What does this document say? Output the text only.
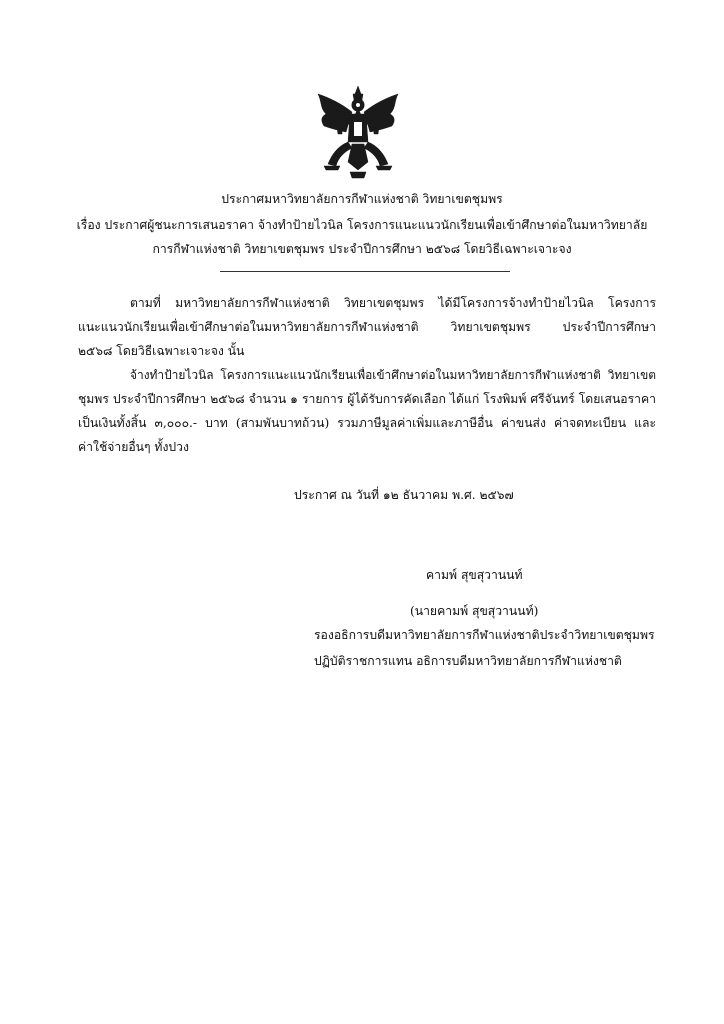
ประกาศมหาวิทยาลัยการกีฬาแห่งชาติ วิทยาเขตชุมพร
เรื่อง ประกาศผู้ชนะการเสนอราคา จ้างทำป้ายไวนิล โครงการแนะแนวนักเรียนเพื่อเข้าศึกษาต่อในมหาวิทยาลัย
การกีฬาแห่งชาติ วิทยาเขตชุมพร ประจำปีการศึกษา ๒๕๖๘ โดยวิธีเฉพาะเจาะจง
ตามที่ มหาวิทยาลัยการกีฬาแห่งชาติ วิทยาเขตชุมพร ได้มีโครงการจ้างทำป้ายไวนิล โครงการ
แนะแนวนักเรียนเพื่อเข้าศึกษาต่อในมหาวิทยาลัยการกีฬาแห่งชาติ วิทยาเขตชุมพร ประจำปีการศึกษา
๒๕๖๘ โดยวิธีเฉพาะเจาะจง นั้น
จ้างทำป้ายไวนิล โครงการแนะแนวนักเรียนเพื่อเข้าศึกษาต่อในมหาวิทยาลัยการกีฬาแห่งชาติ วิทยาเขต
ชุมพร ประจำปีการศึกษา ๒๕๖๘ จำนวน ๑ รายการ ผู้ได้รับการคัดเลือก ได้แก่ โรงพิมพ์ ศรีจันทร์ โดยเสนอราคา
เป็นเงินทั้งสิ้น ๓,๐๐๐.- บาท (สามพันบาทถ้วน) รวมภาษีมูลค่าเพิ่มและภาษีอื่น ค่าขนส่ง ค่าจดทะเบียน และ
ค่าใช้จ่ายอื่นๆ ทั้งปวง
ประกาศ ณ วันที่ ๑๒ ธันวาคม พ.ศ. ๒๕๖๗
คามพ์ สุขสุวานนท์
(นายคามพ์ สุขสุวานนท์)
รองอธิการบดีมหาวิทยาลัยการกีฬาแห่งชาติประจำวิทยาเขตชุมพร
ปฏิบัติราชการแทน อธิการบดีมหาวิทยาลัยการกีฬาแห่งชาติ
